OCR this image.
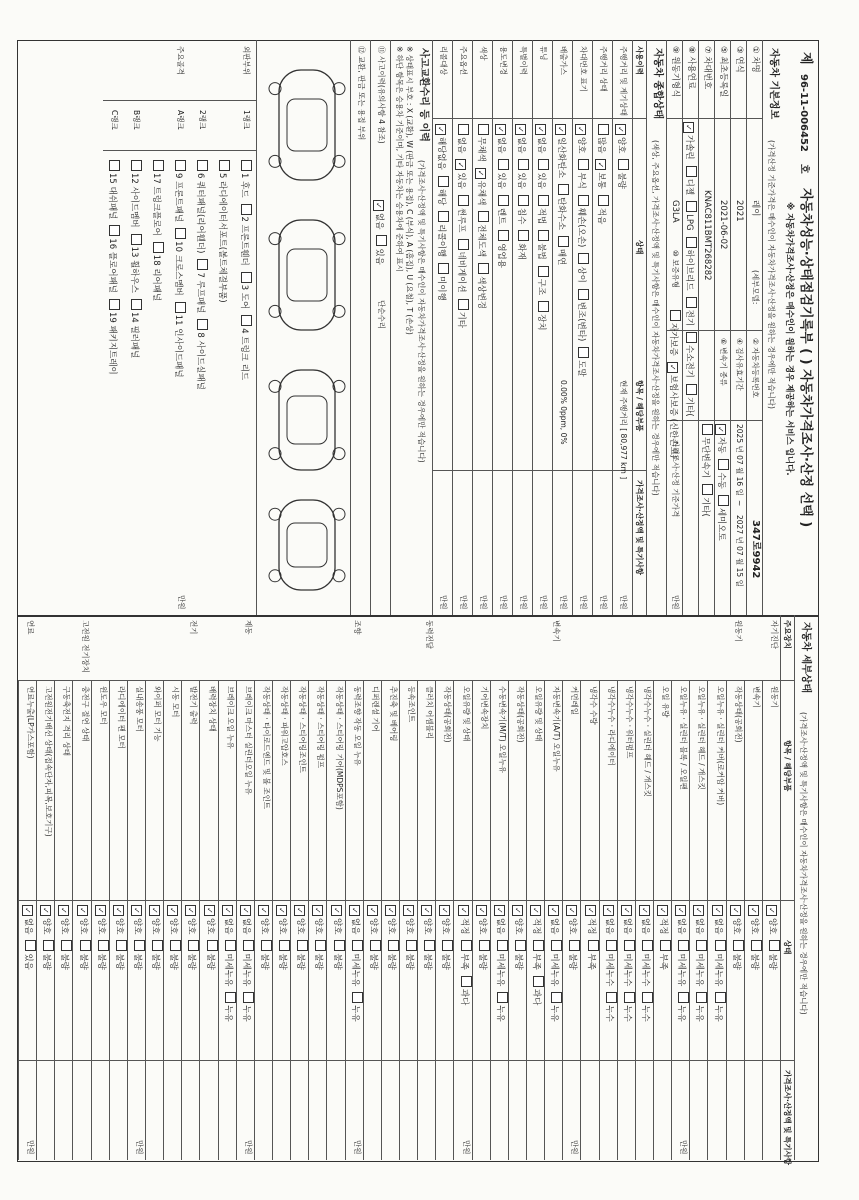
제
96-11-006452
호
자동차성능·상태점검기록부 ( ) 자동차가격조사·산정 선택 )
※ 자동차가격조사·산정은 매수인이 원하는 경우 제공하는 서비스 입니다.
자동차 기본정보
(가격산정 기준가격은 매수인이 자동차가격조사·산정을 원하는 경우에만 적습니다)
① 차명
레이
(세부모델:
② 자동차등록번호
347로9942
③ 연식
2021
④ 검사유효기간
2025 년 07 월 16 일
~
2027 년 07 월 15 일
⑤ 최초등록일
2021-06-02
⑥ 변속기 종류
✓자동수동세미오토
⑦ 차대번호
KNAC811BMT268282
무단변속기기타(
⑧ 사용연료
✓가솔린디젤LPG하이브리드전기수소전기기타(
⑨ 원동기형식
G3LA
⑩ 보증유형
자가보증✓보험사보증 (신한손보)
가격조사·산정 기준가격
만원
자동차 종합상태
(색상, 주요옵션, 가격조사·산정액 및 특기사항은 매수인이 자동차가격조사·산정을 원하는 경우에만 적습니다)
사용이력
상태
항목 / 해당부품
가격조사·산정액 및 특기사항
주행거리 및 계기상태
✓양호불량
현재 주행거리 [ 80,977 km ]
만원
주행거리 상태
많음✓보통적음
만원
차대번호 표기
✓양호부식훼손(오손)상이변조(변타)도말
만원
배출가스
✓일산화탄소탄화수소매연
0.00% 0ppm, 0%
만원
튜닝
✓없음있음적법불법구조장치
만원
특별이력
✓없음있음침수화재
만원
용도변경
✓없음있음렌트영업용
만원
색상
무채색✓유채색전체도색색상변경
만원
주요옵션
없음✓있음썬루프네비게이션기타
만원
리콜대상
✓해당없음해당리콜이행미이행
만원
사고교환수리 등 이력
(가격조사·산정액 및 특기사항은 매수인이 자동차가격조사·산정을 원하는 경우에만 적습니다)
※ 상태표시 부호 : X (교환), W (판금 또는 용접), C (부식), A (흠집), U (요철), T (손상)
※ 하단 항목은 승용차 기준이며, 기타 자동차는 승용차에 준하여 표시
⑪ 사고이력(유의사항 4 참조)
✓없음있음
단순수리
⑫ 교환, 판금 또는 용접 부위
외판부위
1랭크
1 후드2 프론트휀더3 도어4 트렁크 리드
5 라디에이터서포트(볼트체결부품)
2랭크
6 쿼터패널(리어휀더)7 루프패널8 사이드실패널
주요골격
A랭크
9 프론트패널10 크로스멤버11 인사이드패널
17 트렁크플로어18 리어패널
B랭크
12 사이드멤버13 휠하우스14 필러패널
C랭크
15 대쉬패널16 플로어패널19 패키지트레이
만원
자동차 세부상태
(가격조사·산정액 및 특기사항은 매수인이 자동차가격조사·산정을 원하는 경우에만 적습니다)
주요장치
항목 / 해당부품
상태
가격조사·산정액 및 특기사항
자기진단
원동기
✓양호불량
변속기
✓양호불량
원동기
작동상태(공회전)
✓양호불량
오일누유 · 실린더 커버(로커암 커버)
✓없음미세누유누유
오일누유 · 실린더 헤드 / 개스킷
✓없음미세누유누유
오일누유 · 실린더 블록 / 오일팬
✓없음미세누유누유
만원
오일 유량
✓적정부족
냉각수누수 · 실린더 헤드 / 개스킷
✓없음미세누수누수
냉각수누수 · 워터펌프
✓없음미세누수누수
냉각수누수 · 라디에이터
✓없음미세누수누수
냉각수 수량
✓적정부족
커먼레일
✓양호불량
만원
변속기
자동변속기(A/T) 오일누유
✓없음미세누유누유
오일유량 및 상태
✓적정부족과다
작동상태(공회전)
✓양호불량
수동변속기(M/T) 오일누유
✓없음미세누유누유
기어변속장치
✓양호불량
오일유량 및 상태
✓적정부족과다
만원
작동상태(공회전)
✓양호불량
동력전달
클러치 어셈블리
✓양호불량
등속조인트
✓양호불량
추진축 및 베어링
✓양호불량
디퍼렌셜 기어
✓양호불량
조향
동력조향 작동 오일 누유
✓없음미세누유누유
만원
작동상태 · 스티어링 기어(MDPS포함)
✓양호불량
작동상태 · 스티어링 펌프
✓양호불량
작동상태 · 스티어링조인트
✓양호불량
작동상태 · 파워고압호스
✓양호불량
작동상태 · 타이로드엔드 및 볼 조인트
✓양호불량
제동
브레이크 마스터 실린더오일 누유
✓없음미세누유누유
만원
브레이크 오일 누유
✓없음미세누유누유
배력장치 상태
✓양호불량
전기
발전기 출력
✓양호불량
시동 모터
✓양호불량
와이퍼 모터 기능
✓양호불량
실내송풍 모터
✓양호불량
만원
라디에이터 팬 모터
✓양호불량
윈도우 모터
✓양호불량
고전원 전기장치
충전구 절연 상태
✓양호불량
구동축전지 격리 상태
✓양호불량
고전원전기배선 상태(접속단자,피복,보호기구)
✓양호불량
연료
연료누출(LP가스포함)
✓없음있음
만원
